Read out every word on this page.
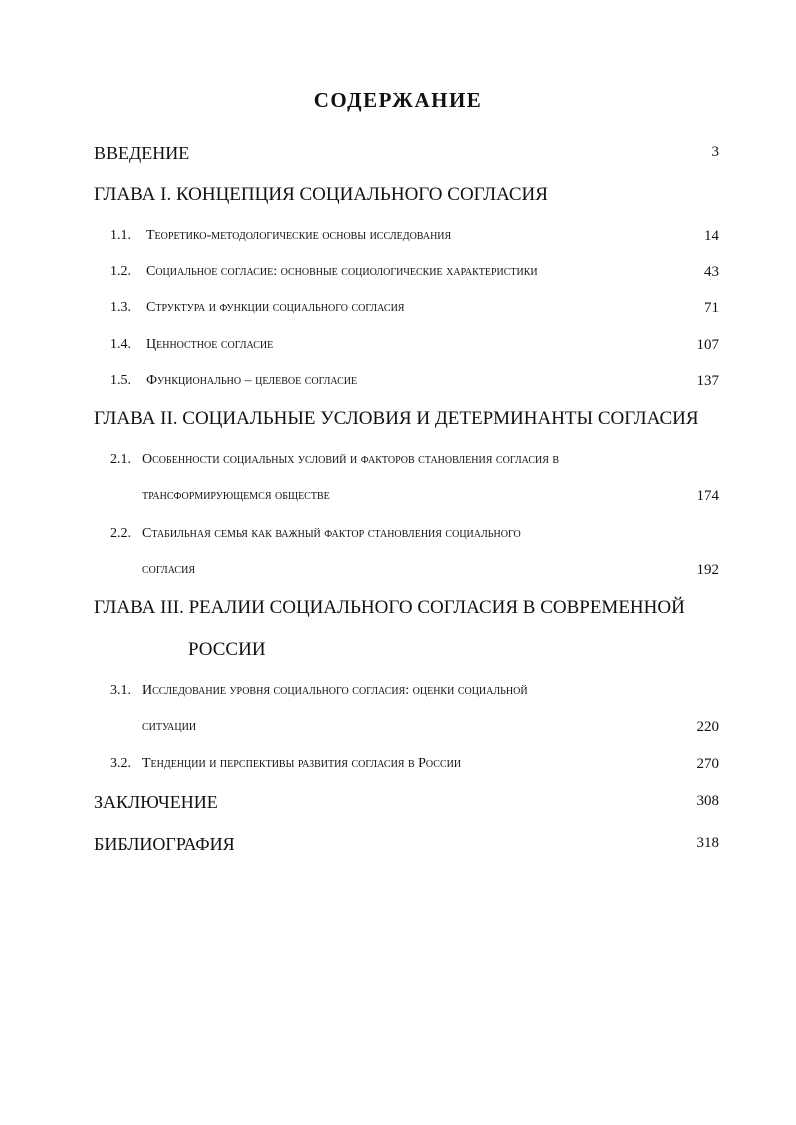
СОДЕРЖАНИЕ
ВВЕДЕНИЕ	3
ГЛАВА I. КОНЦЕПЦИЯ СОЦИАЛЬНОГО СОГЛАСИЯ
1.1. Теоретико-методологические основы исследования	14
1.2. Социальное согласие: основные социологические характеристики	43
1.3. Структура и функции социального согласия	71
1.4. Ценностное согласие	107
1.5. Функционально – целевое согласие	137
ГЛАВА II. СОЦИАЛЬНЫЕ УСЛОВИЯ И ДЕТЕРМИНАНТЫ СОГЛАСИЯ
2.1. Особенности социальных условий и факторов становления согласия в
трансформирующемся обществе	174
2.2. Стабильная семья как важный фактор становления социального
согласия	192
ГЛАВА III. РЕАЛИИ СОЦИАЛЬНОГО СОГЛАСИЯ В СОВРЕМЕННОЙ
РОССИИ
3.1. Исследование уровня социального согласия: оценки социальной
ситуации	220
3.2. Тенденции и перспективы развития согласия в России	270
ЗАКЛЮЧЕНИЕ	308
БИБЛИОГРАФИЯ	318
